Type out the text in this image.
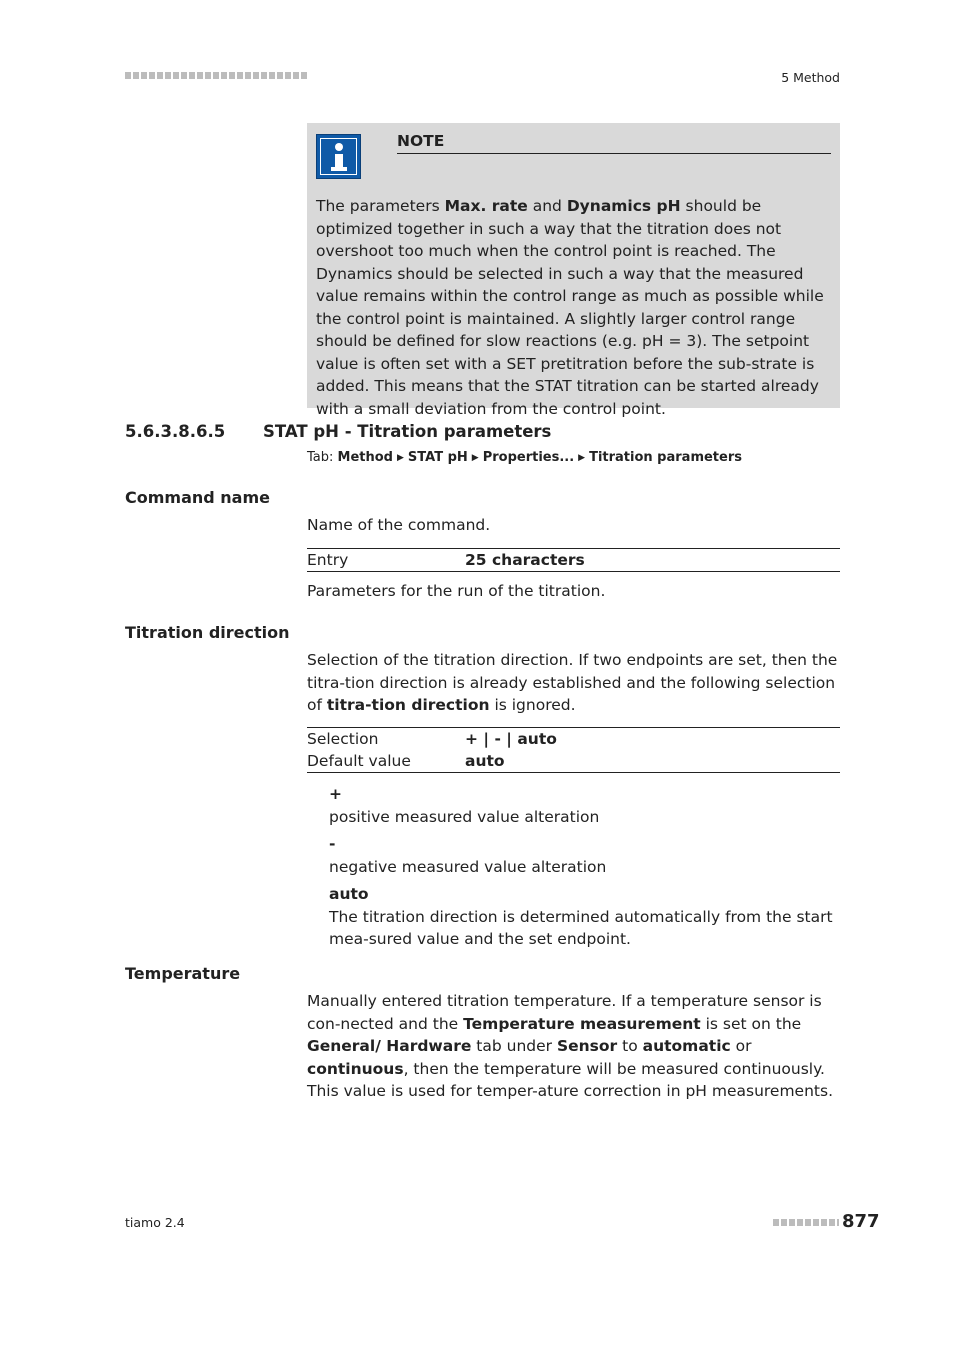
5 Method
NOTE
The parameters Max. rate and Dynamics pH should be optimized together in such a way that the titration does not overshoot too much when the control point is reached. The Dynamics should be selected in such a way that the measured value remains within the control range as much as possible while the control point is maintained. A slightly larger control range should be defined for slow reactions (e.g. pH = 3). The setpoint value is often set with a SET pretitration before the sub-strate is added. This means that the STAT titration can be started already with a small deviation from the control point.
5.6.3.8.6.5 STAT pH - Titration parameters
Tab: Method ▶ STAT pH ▶ Properties... ▶ Titration parameters
Command name
Name of the command.
Entry	25 characters
Parameters for the run of the titration.
Titration direction
Selection of the titration direction. If two endpoints are set, then the titra-tion direction is already established and the following selection of titra-tion direction is ignored.
Selection	+ | - | auto
Default value	auto
+
positive measured value alteration
-
negative measured value alteration
auto
The titration direction is determined automatically from the start mea-sured value and the set endpoint.
Temperature
Manually entered titration temperature. If a temperature sensor is con-nected and the Temperature measurement is set on the General/ Hardware tab under Sensor to automatic or continuous, then the temperature will be measured continuously. This value is used for temper-ature correction in pH measurements.
tiamo 2.4	877
